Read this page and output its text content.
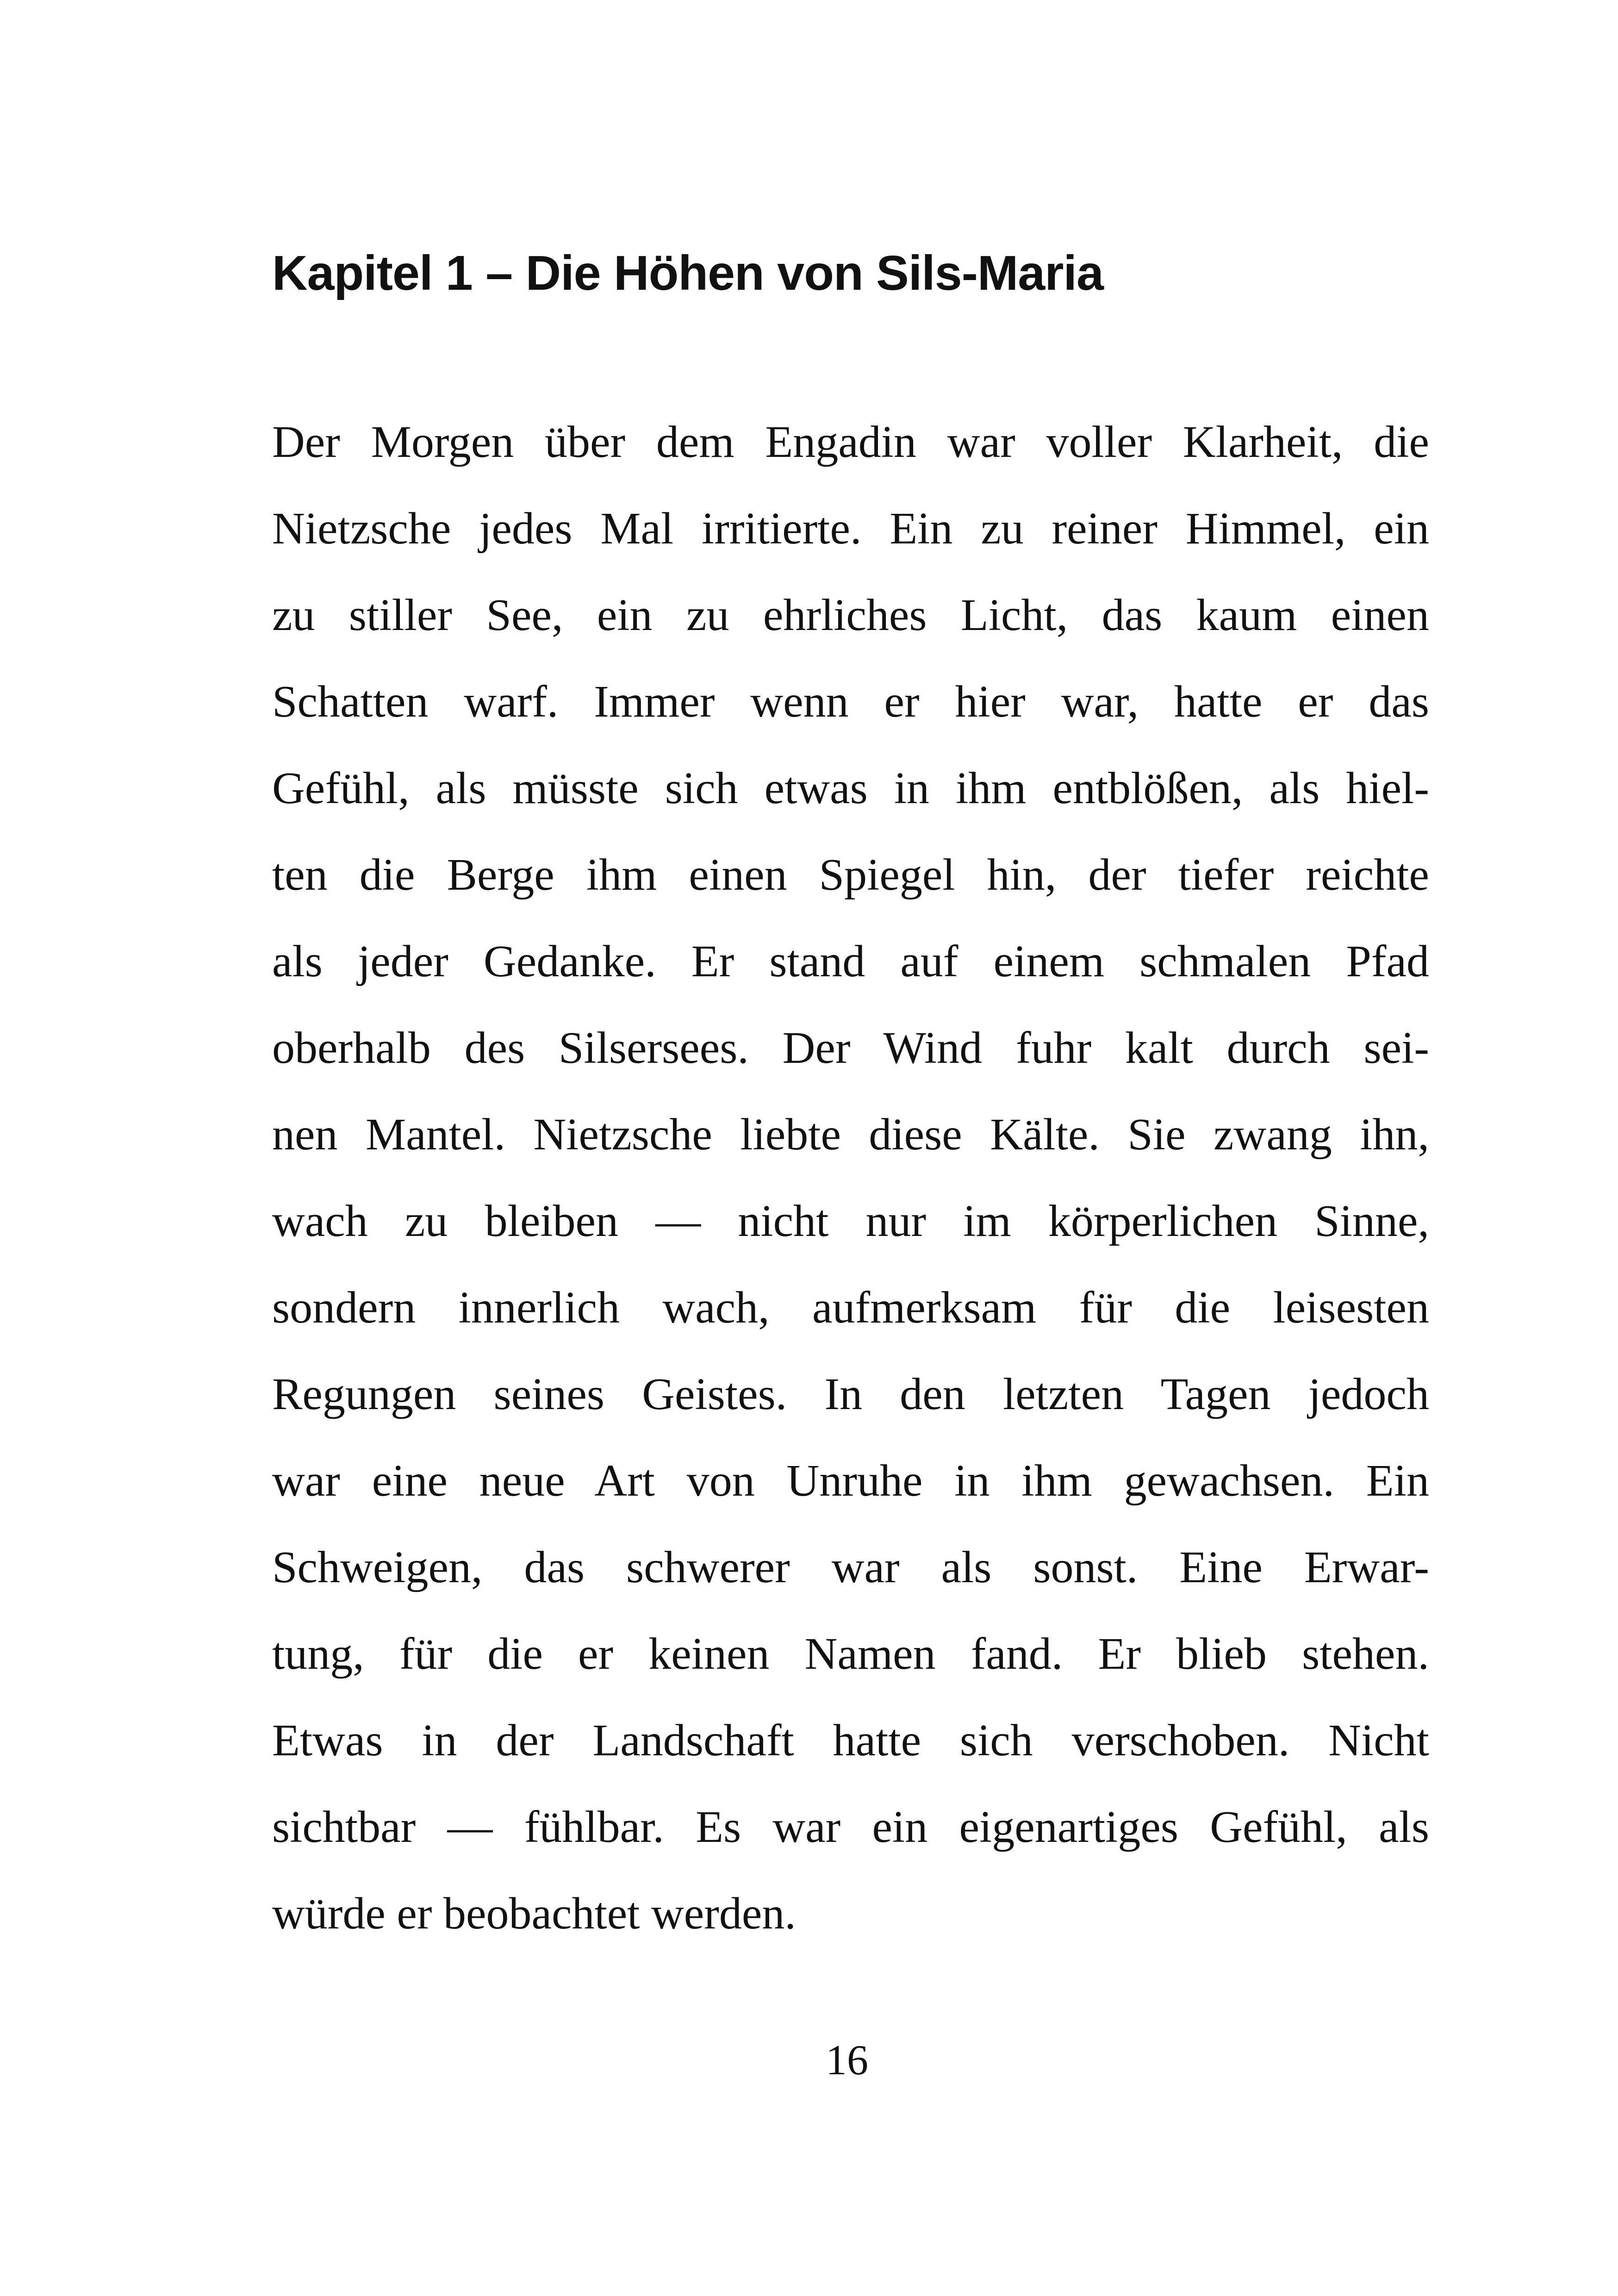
Kapitel 1 – Die Höhen von Sils-Maria
Der Morgen über dem Engadin war voller Klarheit, die
Nietzsche jedes Mal irritierte. Ein zu reiner Himmel, ein
zu stiller See, ein zu ehrliches Licht, das kaum einen
Schatten warf. Immer wenn er hier war, hatte er das
Gefühl, als müsste sich etwas in ihm entblößen, als hiel-
ten die Berge ihm einen Spiegel hin, der tiefer reichte
als jeder Gedanke. Er stand auf einem schmalen Pfad
oberhalb des Silsersees. Der Wind fuhr kalt durch sei-
nen Mantel. Nietzsche liebte diese Kälte. Sie zwang ihn,
wach zu bleiben — nicht nur im körperlichen Sinne,
sondern innerlich wach, aufmerksam für die leisesten
Regungen seines Geistes. In den letzten Tagen jedoch
war eine neue Art von Unruhe in ihm gewachsen. Ein
Schweigen, das schwerer war als sonst. Eine Erwar-
tung, für die er keinen Namen fand. Er blieb stehen.
Etwas in der Landschaft hatte sich verschoben. Nicht
sichtbar — fühlbar. Es war ein eigenartiges Gefühl, als
würde er beobachtet werden.
16
